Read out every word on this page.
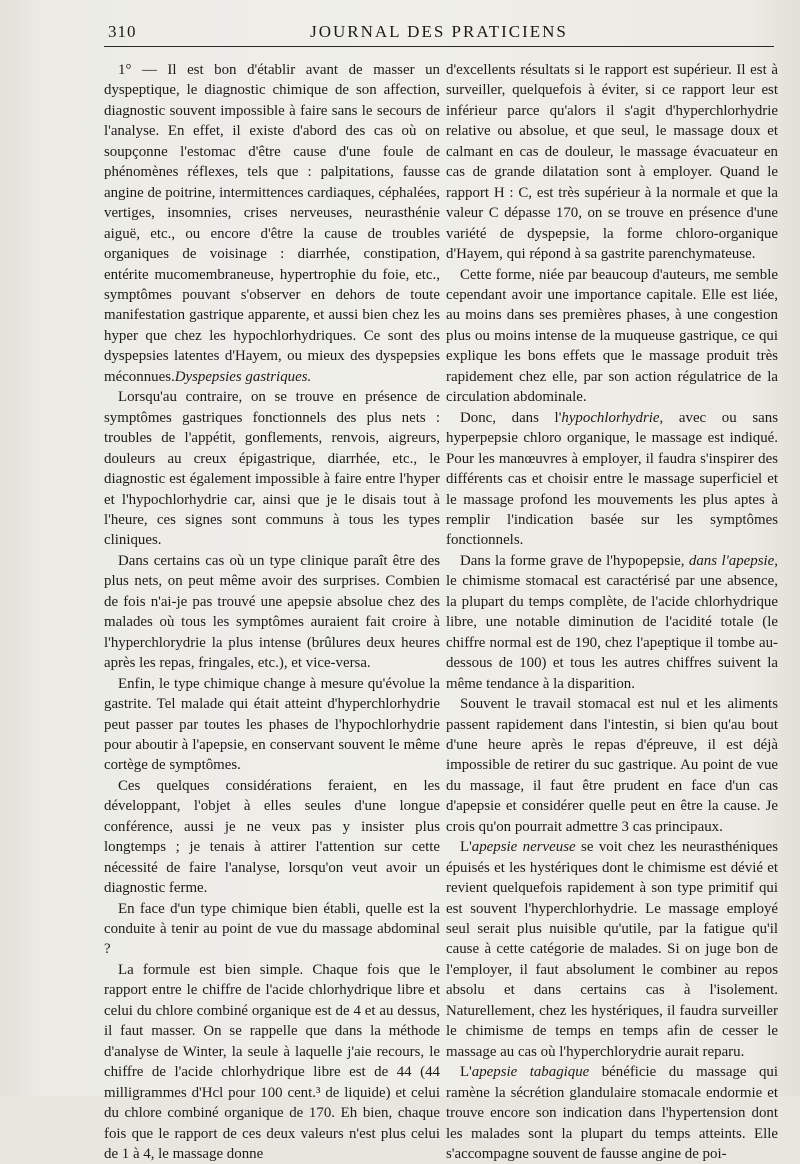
310	JOURNAL DES PRATICIENS

1° — Il est bon d'établir avant de masser un dyspeptique, le diagnostic chimique de son affection, diagnostic souvent impossible à faire sans le secours de l'analyse. En effet, il existe d'abord des cas où on soupçonne l'estomac d'être cause d'une foule de phénomènes réflexes, tels que : palpitations, fausse angine de poitrine, intermittences cardiaques, céphalées, vertiges, insomnies, crises nerveuses, neurasthénie aiguë, etc., ou encore d'être la cause de troubles organiques de voisinage : diarrhée, constipation, entérite mucomembraneuse, hypertrophie du foie, etc., symptômes pouvant s'observer en dehors de toute manifestation gastrique apparente, et aussi bien chez les hyper que chez les hypochlorhydriques. Ce sont des dyspepsies latentes d'Hayem, ou mieux des dyspepsies méconnues.Dyspepsies gastriques.

Lorsqu'au contraire, on se trouve en présence de symptômes gastriques fonctionnels des plus nets : troubles de l'appétit, gonflements, renvois, aigreurs, douleurs au creux épigastrique, diarrhée, etc., le diagnostic est également impossible à faire entre l'hyper et l'hypochlorhydrie car, ainsi que je le disais tout à l'heure, ces signes sont communs à tous les types cliniques.

Dans certains cas où un type clinique paraît être des plus nets, on peut même avoir des surprises. Combien de fois n'ai-je pas trouvé une apepsie absolue chez des malades où tous les symptômes auraient fait croire à l'hyperchlorydrie la plus intense (brûlures deux heures après les repas, fringales, etc.), et vice-versa.

Enfin, le type chimique change à mesure qu'évolue la gastrite. Tel malade qui était atteint d'hyperchlorhydrie peut passer par toutes les phases de l'hypochlorhydrie pour aboutir à l'apepsie, en conservant souvent le même cortège de symptômes.

Ces quelques considérations feraient, en les développant, l'objet à elles seules d'une longue conférence, aussi je ne veux pas y insister plus longtemps ; je tenais à attirer l'attention sur cette nécessité de faire l'analyse, lorsqu'on veut avoir un diagnostic ferme.

En face d'un type chimique bien établi, quelle est la conduite à tenir au point de vue du massage abdominal ?

La formule est bien simple. Chaque fois que le rapport entre le chiffre de l'acide chlorhydrique libre et celui du chlore combiné organique est de 4 et au dessus, il faut masser. On se rappelle que dans la méthode d'analyse de Winter, la seule à laquelle j'aie recours, le chiffre de l'acide chlorhydrique libre est de 44 (44 milligrammes d'Hcl pour 100 cent.³ de liquide) et celui du chlore combiné organique de 170. Eh bien, chaque fois que le rapport de ces deux valeurs n'est plus celui de 1 à 4, le massage donne

d'excellents résultats si le rapport est supérieur. Il est à surveiller, quelquefois à éviter, si ce rapport leur est inférieur parce qu'alors il s'agit d'hyperchlorhydrie relative ou absolue, et que seul, le massage doux et calmant en cas de douleur, le massage évacuateur en cas de grande dilatation sont à employer. Quand le rapport H : C, est très supérieur à la normale et que la valeur C dépasse 170, on se trouve en présence d'une variété de dyspepsie, la forme chloro-organique d'Hayem, qui répond à sa gastrite parenchymateuse.

Cette forme, niée par beaucoup d'auteurs, me semble cependant avoir une importance capitale. Elle est liée, au moins dans ses premières phases, à une congestion plus ou moins intense de la muqueuse gastrique, ce qui explique les bons effets que le massage produit très rapidement chez elle, par son action régulatrice de la circulation abdominale.

Donc, dans l'hypochlorhydrie, avec ou sans hyperpepsie chloro organique, le massage est indiqué. Pour les manœuvres à employer, il faudra s'inspirer des différents cas et choisir entre le massage superficiel et le massage profond les mouvements les plus aptes à remplir l'indication basée sur les symptômes fonctionnels.

Dans la forme grave de l'hypopepsie, dans l'apepsie, le chimisme stomacal est caractérisé par une absence, la plupart du temps complète, de l'acide chlorhydrique libre, une notable diminution de l'acidité totale (le chiffre normal est de 190, chez l'apeptique il tombe au-dessous de 100) et tous les autres chiffres suivent la même tendance à la disparition.

Souvent le travail stomacal est nul et les aliments passent rapidement dans l'intestin, si bien qu'au bout d'une heure après le repas d'épreuve, il est déjà impossible de retirer du suc gastrique. Au point de vue du massage, il faut être prudent en face d'un cas d'apepsie et considérer quelle peut en être la cause. Je crois qu'on pourrait admettre 3 cas principaux.

L'apepsie nerveuse se voit chez les neurasthéniques épuisés et les hystériques dont le chimisme est dévié et revient quelquefois rapidement à son type primitif qui est souvent l'hyperchlorhydrie. Le massage employé seul serait plus nuisible qu'utile, par la fatigue qu'il cause à cette catégorie de malades. Si on juge bon de l'employer, il faut absolument le combiner au repos absolu et dans certains cas à l'isolement. Naturellement, chez les hystériques, il faudra surveiller le chimisme de temps en temps afin de cesser le massage au cas où l'hyperchlorydrie aurait reparu.

L'apepsie tabagique bénéficie du massage qui ramène la sécrétion glandulaire stomacale endormie et trouve encore son indication dans l'hypertension dont les malades sont la plupart du temps atteints. Elle s'accompagne souvent de fausse angine de poi-
